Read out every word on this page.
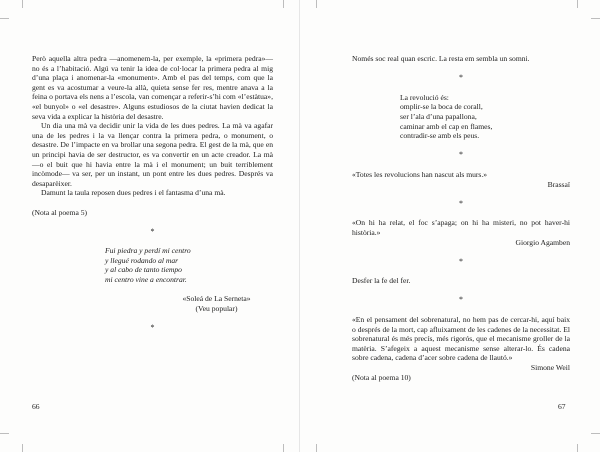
Però aquella altra pedra —anomenem-la, per exemple, la «primera pedra»— no és a l’habitació. Algú va tenir la idea de col·locar la primera pedra al mig d’una plaça i anomenar-la «monument». Amb el pas del temps, com que la gent es va acostumar a veure-la allà, quieta sense fer res, mentre anava a la feina o portava els nens a l’escola, van començar a referir-s’hi com «l’estàtua», «el bunyol» o «el desastre». Alguns estudiosos de la ciutat havien dedicat la seva vida a explicar la història del desastre.

Un dia una mà va decidir unir la vida de les dues pedres. La mà va agafar una de les pedres i la va llençar contra la primera pedra, o monument, o desastre. De l’impacte en va brollar una segona pedra. El gest de la mà, que en un principi havia de ser destructor, es va convertir en un acte creador. La mà —o el buit que hi havia entre la mà i el monument; un buit terriblement incòmode— va ser, per un instant, un pont entre les dues pedres. Després va desaparèixer.

Damunt la taula reposen dues pedres i el fantasma d’una mà.

(Nota al poema 5)

*
Fui piedra y perdí mi centro
y llegué rodando al mar
y al cabo de tanto tiempo
mi centro vine a encontrar.
«Soleá de La Serneta»
(Veu popular)
*
66

Només soc real quan escric. La resta em sembla un somni.

*
La revolució és:
omplir-se la boca de corall,
ser l’ala d’una papallona,
caminar amb el cap en flames,
contradir-se amb els peus.
*

«Totes les revolucions han nascut als murs.»

Brassaï
*

«On hi ha relat, el foc s’apaga; on hi ha misteri, no pot haver-hi història.»

Giorgio Agamben
*

Desfer la fe del fer.

*

«En el pensament del sobrenatural, no hem pas de cercar-hi, aquí baix o després de la mort, cap afluixament de les cadenes de la necessitat. El sobrenatural és més precís, més rigorós, que el mecanisme groller de la matèria. S’afegeix a aquest mecanisme sense alterar-lo. És cadena sobre cadena, cadena d’acer sobre cadena de llautó.»

Simone Weil

(Nota al poema 10)

67
